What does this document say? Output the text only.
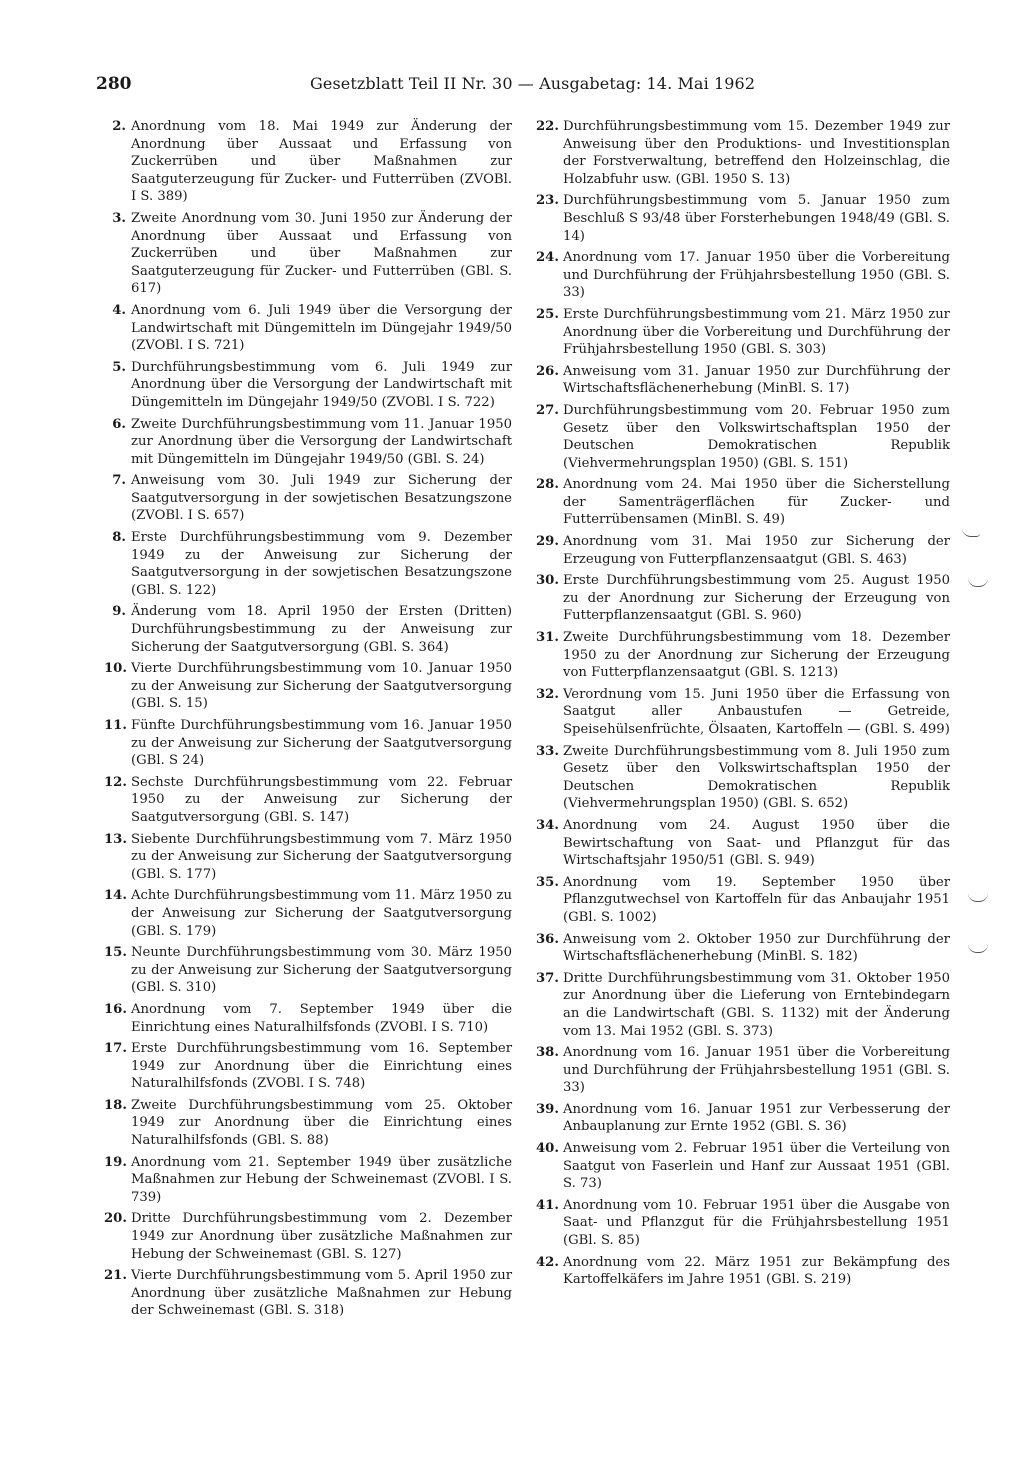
280	Gesetzblatt Teil II Nr. 30 — Ausgabetag: 14. Mai 1962
2. Anordnung vom 18. Mai 1949 zur Änderung der Anordnung über Aussaat und Erfassung von Zuckerrüben und über Maßnahmen zur Saatguterzeugung für Zucker- und Futterrüben (ZVOBl. I S. 389)
3. Zweite Anordnung vom 30. Juni 1950 zur Änderung der Anordnung über Aussaat und Erfassung von Zuckerrüben und über Maßnahmen zur Saatguterzeugung für Zucker- und Futterrüben (GBl. S. 617)
4. Anordnung vom 6. Juli 1949 über die Versorgung der Landwirtschaft mit Düngemitteln im Düngejahr 1949/50 (ZVOBl. I S. 721)
5. Durchführungsbestimmung vom 6. Juli 1949 zur Anordnung über die Versorgung der Landwirtschaft mit Düngemitteln im Düngejahr 1949/50 (ZVOBl. I S. 722)
6. Zweite Durchführungsbestimmung vom 11. Januar 1950 zur Anordnung über die Versorgung der Landwirtschaft mit Düngemitteln im Düngejahr 1949/50 (GBl. S. 24)
7. Anweisung vom 30. Juli 1949 zur Sicherung der Saatgutversorgung in der sowjetischen Besatzungszone (ZVOBl. I S. 657)
8. Erste Durchführungsbestimmung vom 9. Dezember 1949 zu der Anweisung zur Sicherung der Saatgutversorgung in der sowjetischen Besatzungszone (GBl. S. 122)
9. Änderung vom 18. April 1950 der Ersten (Dritten) Durchführungsbestimmung zu der Anweisung zur Sicherung der Saatgutversorgung (GBl. S. 364)
10. Vierte Durchführungsbestimmung vom 10. Januar 1950 zu der Anweisung zur Sicherung der Saatgutversorgung (GBl. S. 15)
11. Fünfte Durchführungsbestimmung vom 16. Januar 1950 zu der Anweisung zur Sicherung der Saatgutversorgung (GBl. S 24)
12. Sechste Durchführungsbestimmung vom 22. Februar 1950 zu der Anweisung zur Sicherung der Saatgutversorgung (GBl. S. 147)
13. Siebente Durchführungsbestimmung vom 7. März 1950 zu der Anweisung zur Sicherung der Saatgutversorgung (GBl. S. 177)
14. Achte Durchführungsbestimmung vom 11. März 1950 zu der Anweisung zur Sicherung der Saatgutversorgung (GBl. S. 179)
15. Neunte Durchführungsbestimmung vom 30. März 1950 zu der Anweisung zur Sicherung der Saatgutversorgung (GBl. S. 310)
16. Anordnung vom 7. September 1949 über die Einrichtung eines Naturalhilfsfonds (ZVOBl. I S. 710)
17. Erste Durchführungsbestimmung vom 16. September 1949 zur Anordnung über die Einrichtung eines Naturalhilfsfonds (ZVOBl. I S. 748)
18. Zweite Durchführungsbestimmung vom 25. Oktober 1949 zur Anordnung über die Einrichtung eines Naturalhilfsfonds (GBl. S. 88)
19. Anordnung vom 21. September 1949 über zusätzliche Maßnahmen zur Hebung der Schweinemast (ZVOBl. I S. 739)
20. Dritte Durchführungsbestimmung vom 2. Dezember 1949 zur Anordnung über zusätzliche Maßnahmen zur Hebung der Schweinemast (GBl. S. 127)
21. Vierte Durchführungsbestimmung vom 5. April 1950 zur Anordnung über zusätzliche Maßnahmen zur Hebung der Schweinemast (GBl. S. 318)
22. Durchführungsbestimmung vom 15. Dezember 1949 zur Anweisung über den Produktions- und Investitionsplan der Forstverwaltung, betreffend den Holzeinschlag, die Holzabfuhr usw. (GBl. 1950 S. 13)
23. Durchführungsbestimmung vom 5. Januar 1950 zum Beschluß S 93/48 über Forsterhebungen 1948/49 (GBl. S. 14)
24. Anordnung vom 17. Januar 1950 über die Vorbereitung und Durchführung der Frühjahrsbestellung 1950 (GBl. S. 33)
25. Erste Durchführungsbestimmung vom 21. März 1950 zur Anordnung über die Vorbereitung und Durchführung der Frühjahrsbestellung 1950 (GBl. S. 303)
26. Anweisung vom 31. Januar 1950 zur Durchführung der Wirtschaftsflächenerhebung (MinBl. S. 17)
27. Durchführungsbestimmung vom 20. Februar 1950 zum Gesetz über den Volkswirtschaftsplan 1950 der Deutschen Demokratischen Republik (Viehvermehrungsplan 1950) (GBl. S. 151)
28. Anordnung vom 24. Mai 1950 über die Sicherstellung der Samenträgerflächen für Zucker- und Futterrübensamen (MinBl. S. 49)
29. Anordnung vom 31. Mai 1950 zur Sicherung der Erzeugung von Futterpflanzensaatgut (GBl. S. 463)
30. Erste Durchführungsbestimmung vom 25. August 1950 zu der Anordnung zur Sicherung der Erzeugung von Futterpflanzensaatgut (GBl. S. 960)
31. Zweite Durchführungsbestimmung vom 18. Dezember 1950 zu der Anordnung zur Sicherung der Erzeugung von Futterpflanzensaatgut (GBl. S. 1213)
32. Verordnung vom 15. Juni 1950 über die Erfassung von Saatgut aller Anbaustufen — Getreide, Speisehülsenfrüchte, Ölsaaten, Kartoffeln — (GBl. S. 499)
33. Zweite Durchführungsbestimmung vom 8. Juli 1950 zum Gesetz über den Volkswirtschaftsplan 1950 der Deutschen Demokratischen Republik (Viehvermehrungsplan 1950) (GBl. S. 652)
34. Anordnung vom 24. August 1950 über die Bewirtschaftung von Saat- und Pflanzgut für das Wirtschaftsjahr 1950/51 (GBl. S. 949)
35. Anordnung vom 19. September 1950 über Pflanzgutwechsel von Kartoffeln für das Anbaujahr 1951 (GBl. S. 1002)
36. Anweisung vom 2. Oktober 1950 zur Durchführung der Wirtschaftsflächenerhebung (MinBl. S. 182)
37. Dritte Durchführungsbestimmung vom 31. Oktober 1950 zur Anordnung über die Lieferung von Erntebindegarn an die Landwirtschaft (GBl. S. 1132) mit der Änderung vom 13. Mai 1952 (GBl. S. 373)
38. Anordnung vom 16. Januar 1951 über die Vorbereitung und Durchführung der Frühjahrsbestellung 1951 (GBl. S. 33)
39. Anordnung vom 16. Januar 1951 zur Verbesserung der Anbauplanung zur Ernte 1952 (GBl. S. 36)
40. Anweisung vom 2. Februar 1951 über die Verteilung von Saatgut von Faserlein und Hanf zur Aussaat 1951 (GBl. S. 73)
41. Anordnung vom 10. Februar 1951 über die Ausgabe von Saat- und Pflanzgut für die Frühjahrsbestellung 1951 (GBl. S. 85)
42. Anordnung vom 22. März 1951 zur Bekämpfung des Kartoffelkäfers im Jahre 1951 (GBl. S. 219)
